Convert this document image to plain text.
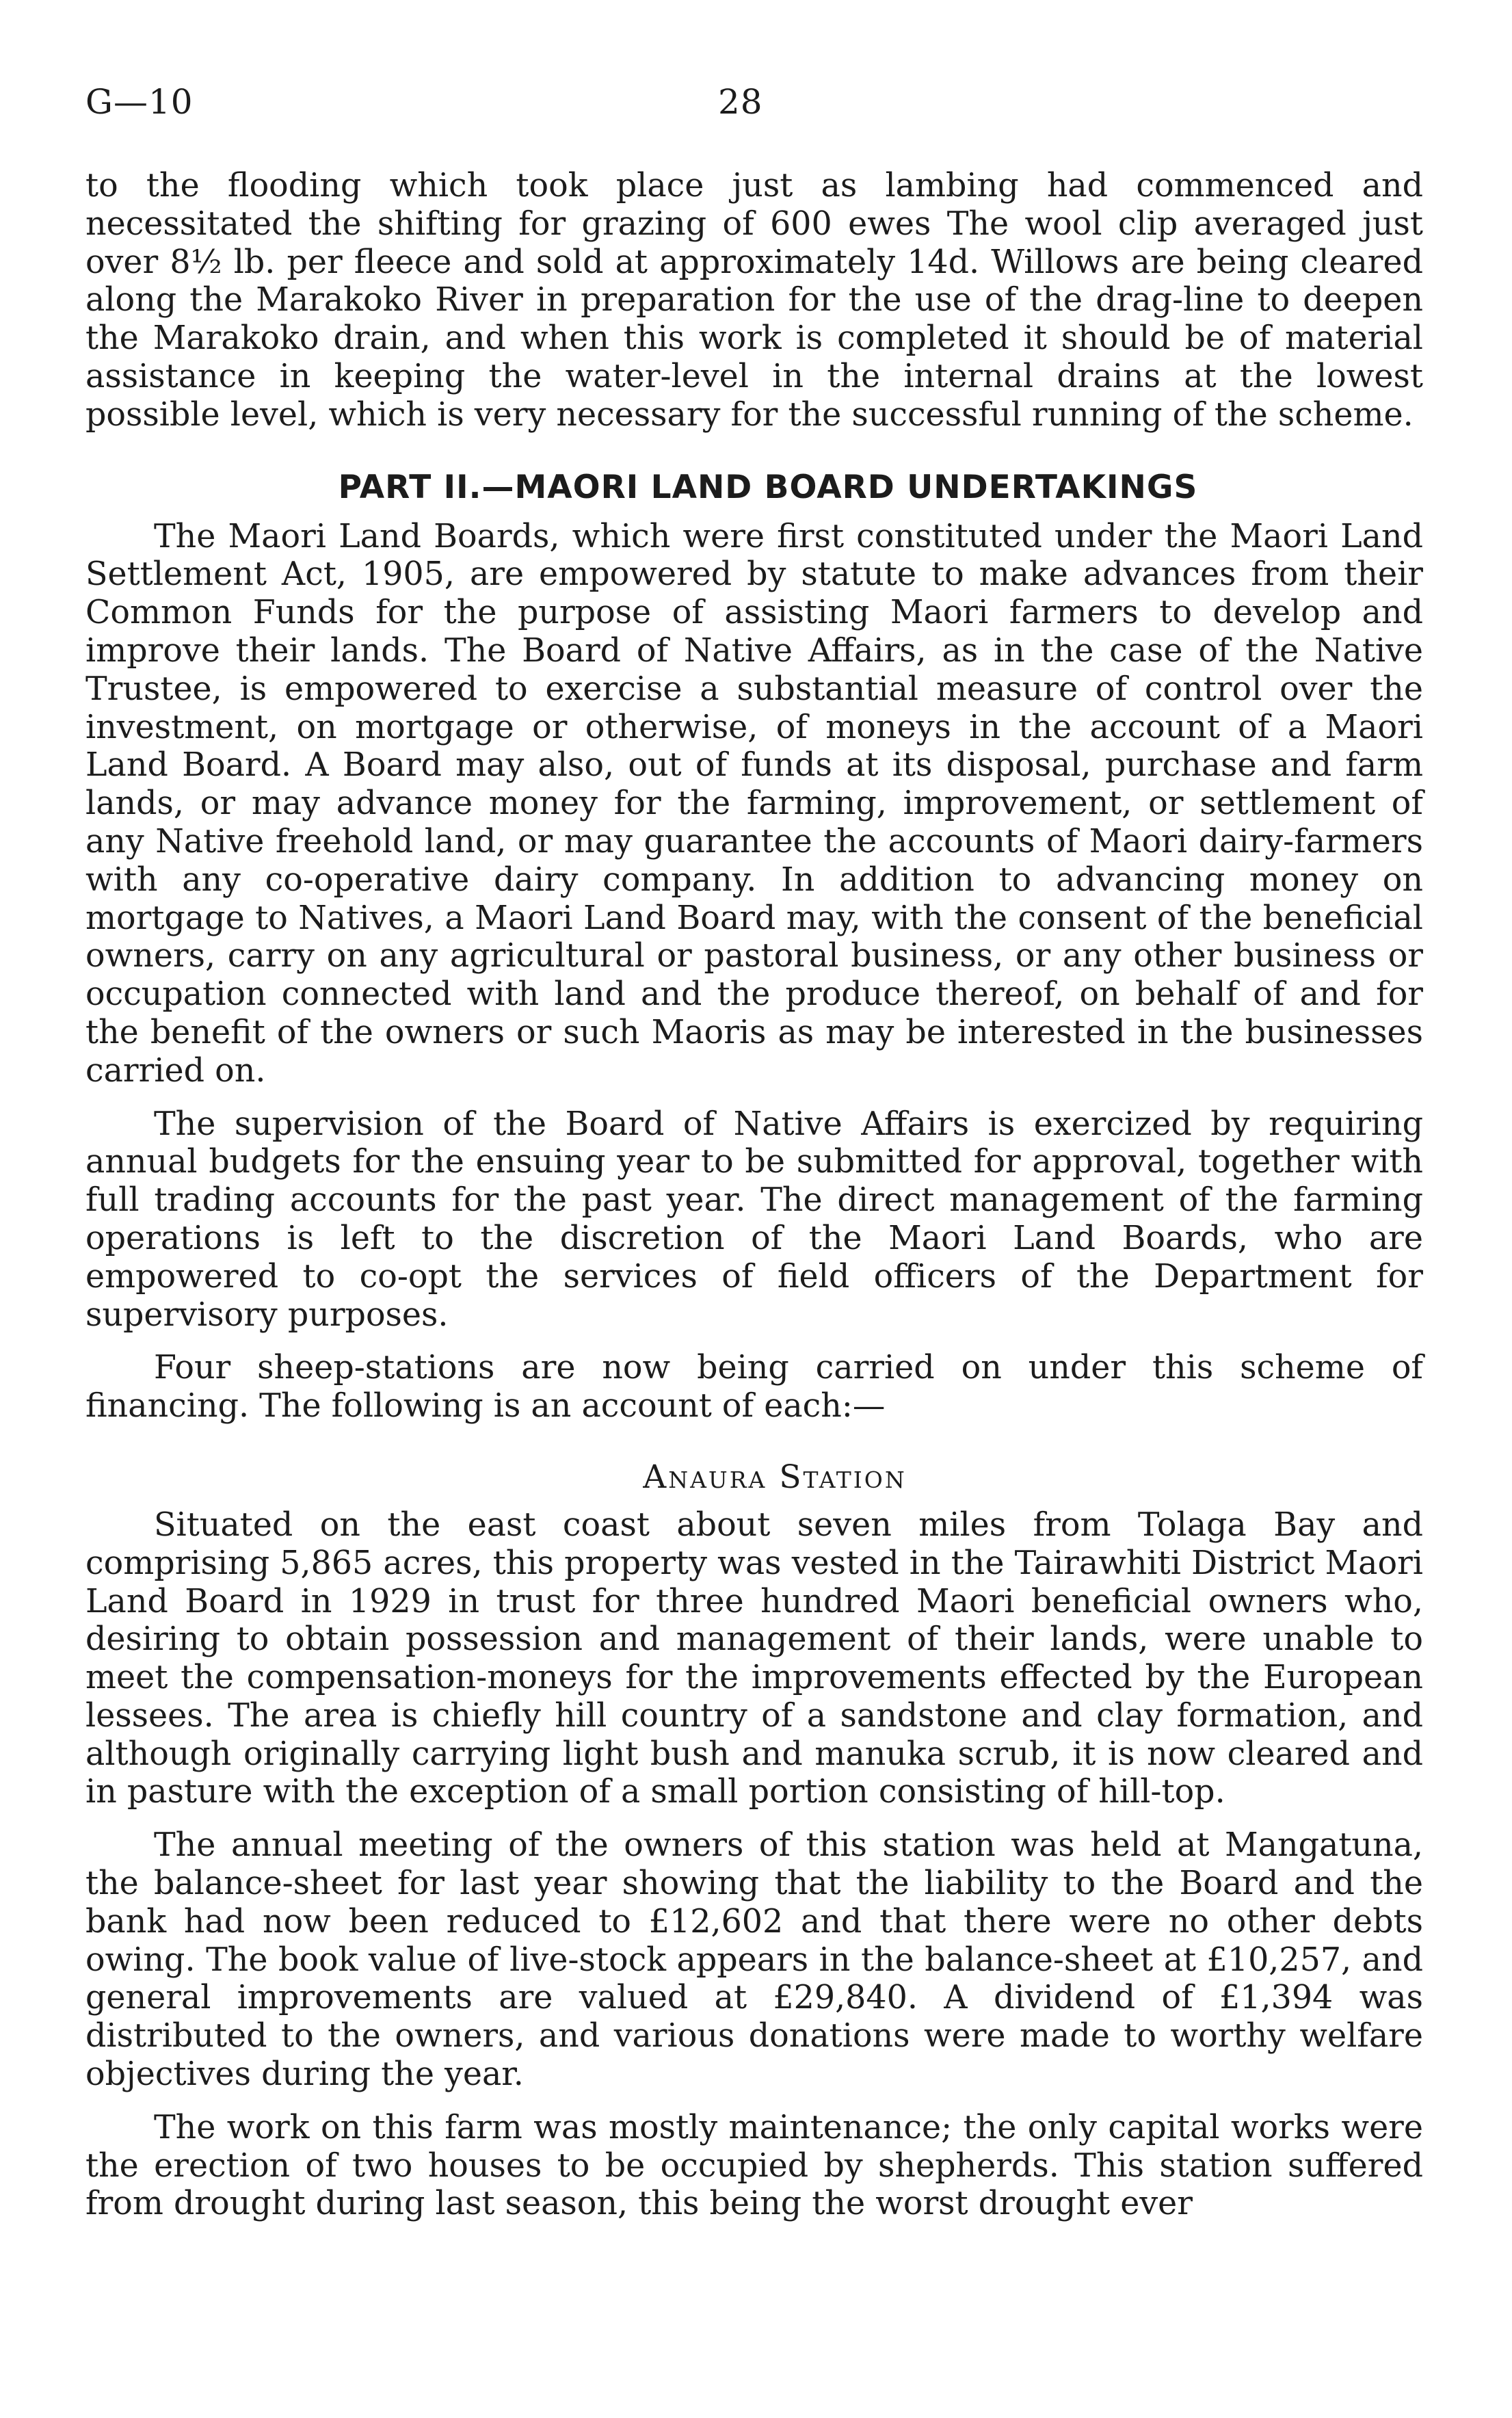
G—10	28

to the flooding which took place just as lambing had commenced and necessitated the shifting for grazing of 600 ewes The wool clip averaged just over 8½ lb. per fleece and sold at approximately 14d. Willows are being cleared along the Marakoko River in preparation for the use of the drag-line to deepen the Marakoko drain, and when this work is completed it should be of material assistance in keeping the water-level in the internal drains at the lowest possible level, which is very necessary for the successful running of the scheme.

PART II.—MAORI LAND BOARD UNDERTAKINGS

The Maori Land Boards, which were first constituted under the Maori Land Settlement Act, 1905, are empowered by statute to make advances from their Common Funds for the purpose of assisting Maori farmers to develop and improve their lands. The Board of Native Affairs, as in the case of the Native Trustee, is empowered to exercise a substantial measure of control over the investment, on mortgage or otherwise, of moneys in the account of a Maori Land Board. A Board may also, out of funds at its disposal, purchase and farm lands, or may advance money for the farming, improvement, or settlement of any Native freehold land, or may guarantee the accounts of Maori dairy-farmers with any co-operative dairy company. In addition to advancing money on mortgage to Natives, a Maori Land Board may, with the consent of the beneficial owners, carry on any agricultural or pastoral business, or any other business or occupation connected with land and the produce thereof, on behalf of and for the benefit of the owners or such Maoris as may be interested in the businesses carried on.

The supervision of the Board of Native Affairs is exercized by requiring annual budgets for the ensuing year to be submitted for approval, together with full trading accounts for the past year. The direct management of the farming operations is left to the discretion of the Maori Land Boards, who are empowered to co-opt the services of field officers of the Department for supervisory purposes.

Four sheep-stations are now being carried on under this scheme of financing. The following is an account of each:—

Anaura Station

Situated on the east coast about seven miles from Tolaga Bay and comprising 5,865 acres, this property was vested in the Tairawhiti District Maori Land Board in 1929 in trust for three hundred Maori beneficial owners who, desiring to obtain possession and management of their lands, were unable to meet the compensation-moneys for the improvements effected by the European lessees. The area is chiefly hill country of a sandstone and clay formation, and although originally carrying light bush and manuka scrub, it is now cleared and in pasture with the exception of a small portion consisting of hill-top.

The annual meeting of the owners of this station was held at Mangatuna, the balance-sheet for last year showing that the liability to the Board and the bank had now been reduced to £12,602 and that there were no other debts owing. The book value of live-stock appears in the balance-sheet at £10,257, and general improvements are valued at £29,840. A dividend of £1,394 was distributed to the owners, and various donations were made to worthy welfare objectives during the year.

The work on this farm was mostly maintenance; the only capital works were the erection of two houses to be occupied by shepherds. This station suffered from drought during last season, this being the worst drought ever
